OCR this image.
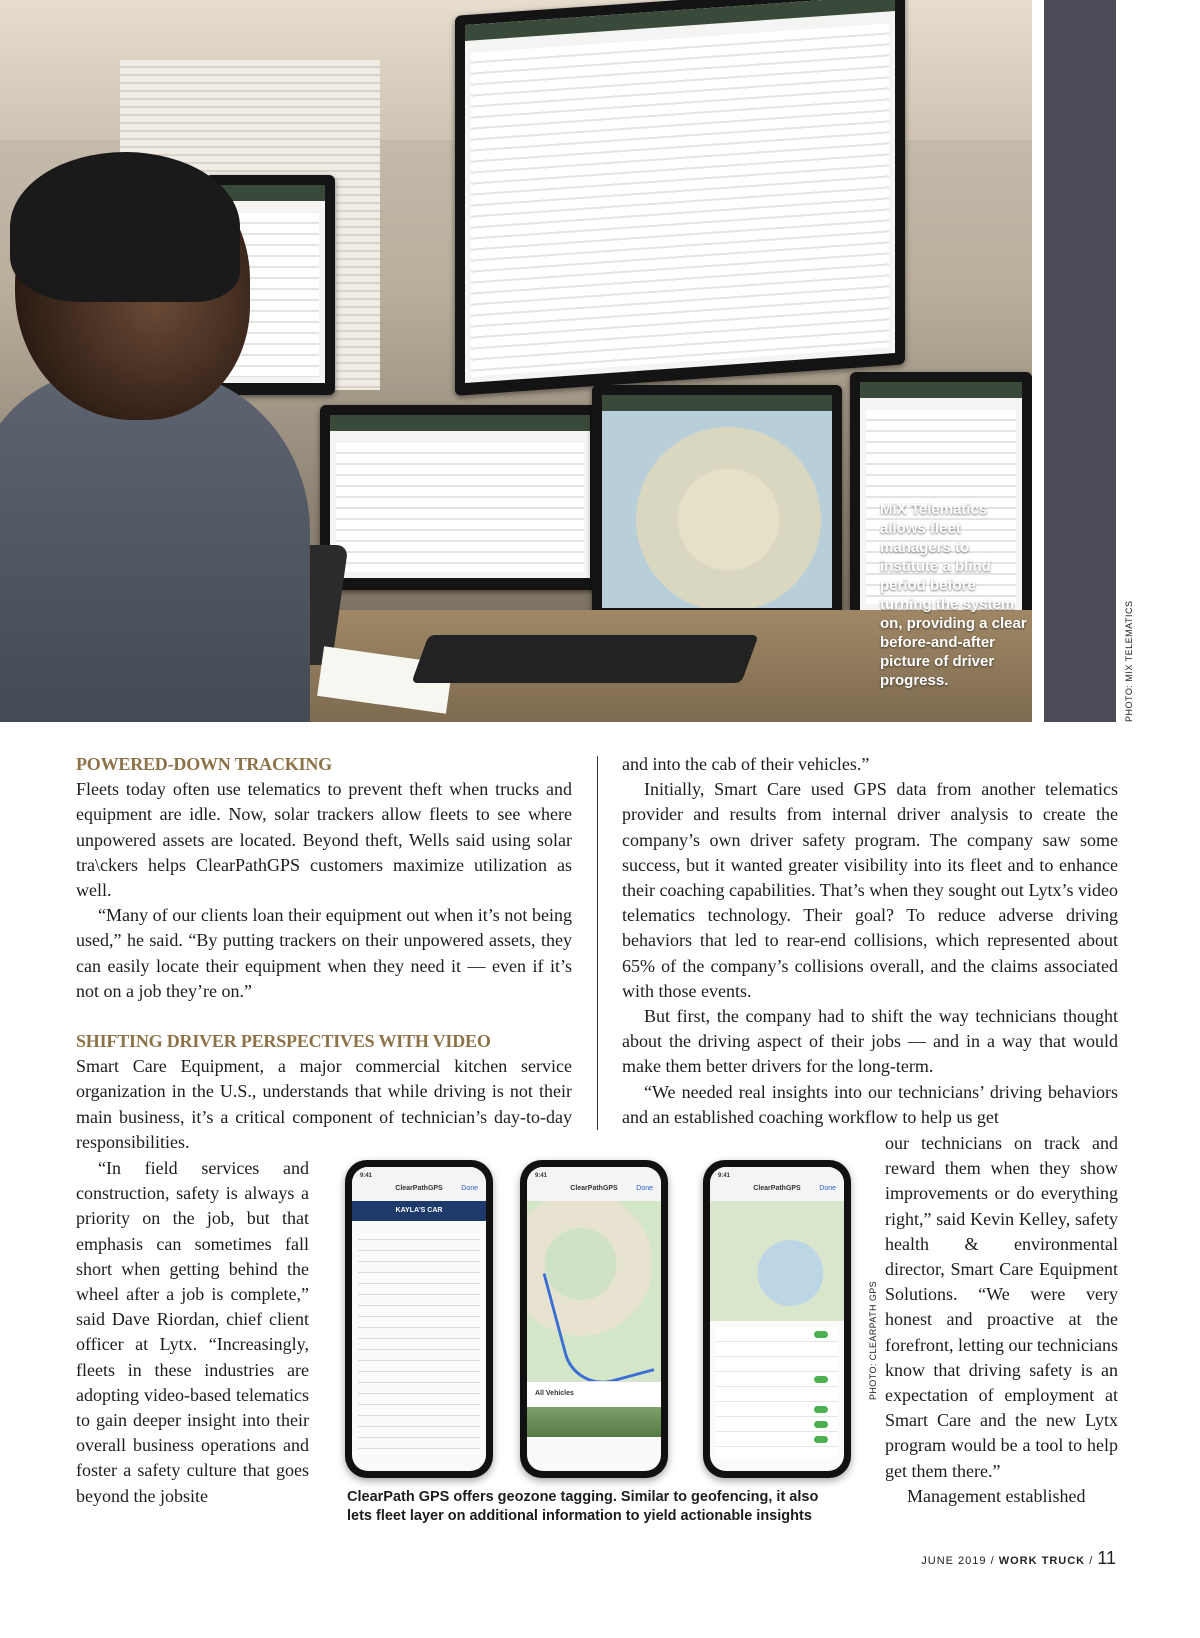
MiX Telematics allows fleet managers to institute a blind period before turning the system on, providing a clear before-and-after picture of driver progress.	PHOTO: MIX TELEMATICS
POWERED-DOWN TRACKING

Fleets today often use telematics to prevent theft when trucks and equipment are idle. Now, solar trackers allow fleets to see where unpowered assets are located. Beyond theft, Wells said using solar tra\ckers helps ClearPathGPS customers maximize utilization as well.

“Many of our clients loan their equipment out when it’s not being used,” he said. “By putting trackers on their unpowered assets, they can easily locate their equipment when they need it — even if it’s not on a job they’re on.”

SHIFTING DRIVER PERSPECTIVES WITH VIDEO

Smart Care Equipment, a major commercial kitchen service organization in the U.S., understands that while driving is not their main business, it’s a critical component of technician’s day-to-day responsibilities.

“In field services and construction, safety is always a priority on the job, but that emphasis can sometimes fall short when getting behind the wheel after a job is complete,” said Dave Riordan, chief client officer at Lytx. “Increasingly, fleets in these industries are adopting video-based telematics to gain deeper insight into their overall business operations and foster a safety culture that goes beyond the jobsite

and into the cab of their vehicles.”

Initially, Smart Care used GPS data from another telematics provider and results from internal driver analysis to create the company’s own driver safety program. The company saw some success, but it wanted greater visibility into its fleet and to enhance their coaching capabilities. That’s when they sought out Lytx’s video telematics technology. Their goal? To reduce adverse driving behaviors that led to rear-end collisions, which represented about 65% of the company’s collisions overall, and the claims associated with those events.

But first, the company had to shift the way technicians thought about the driving aspect of their jobs — and in a way that would make them better drivers for the long-term.

“We needed real insights into our technicians’ driving behaviors and an established coaching workflow to help us get

our technicians on track and reward them when they show improvements or do everything right,” said Kevin Kelley, safety health & environmental director, Smart Care Equipment Solutions. “We were very honest and proactive at the forefront, letting our technicians know that driving safety is an expectation of employment at Smart Care and the new Lytx program would be a tool to help get them there.”

Management established

9:41
ClearPathGPS	Done
KAYLA'S CAR
9:41
ClearPathGPS	Done
All Vehicles
9:41
ClearPathGPS	Done
PHOTO: CLEARPATH GPS
ClearPath GPS offers geozone tagging. Similar to geofencing, it also
lets fleet layer on additional information to yield actionable insights
JUNE 2019 / WORK TRUCK / 11
